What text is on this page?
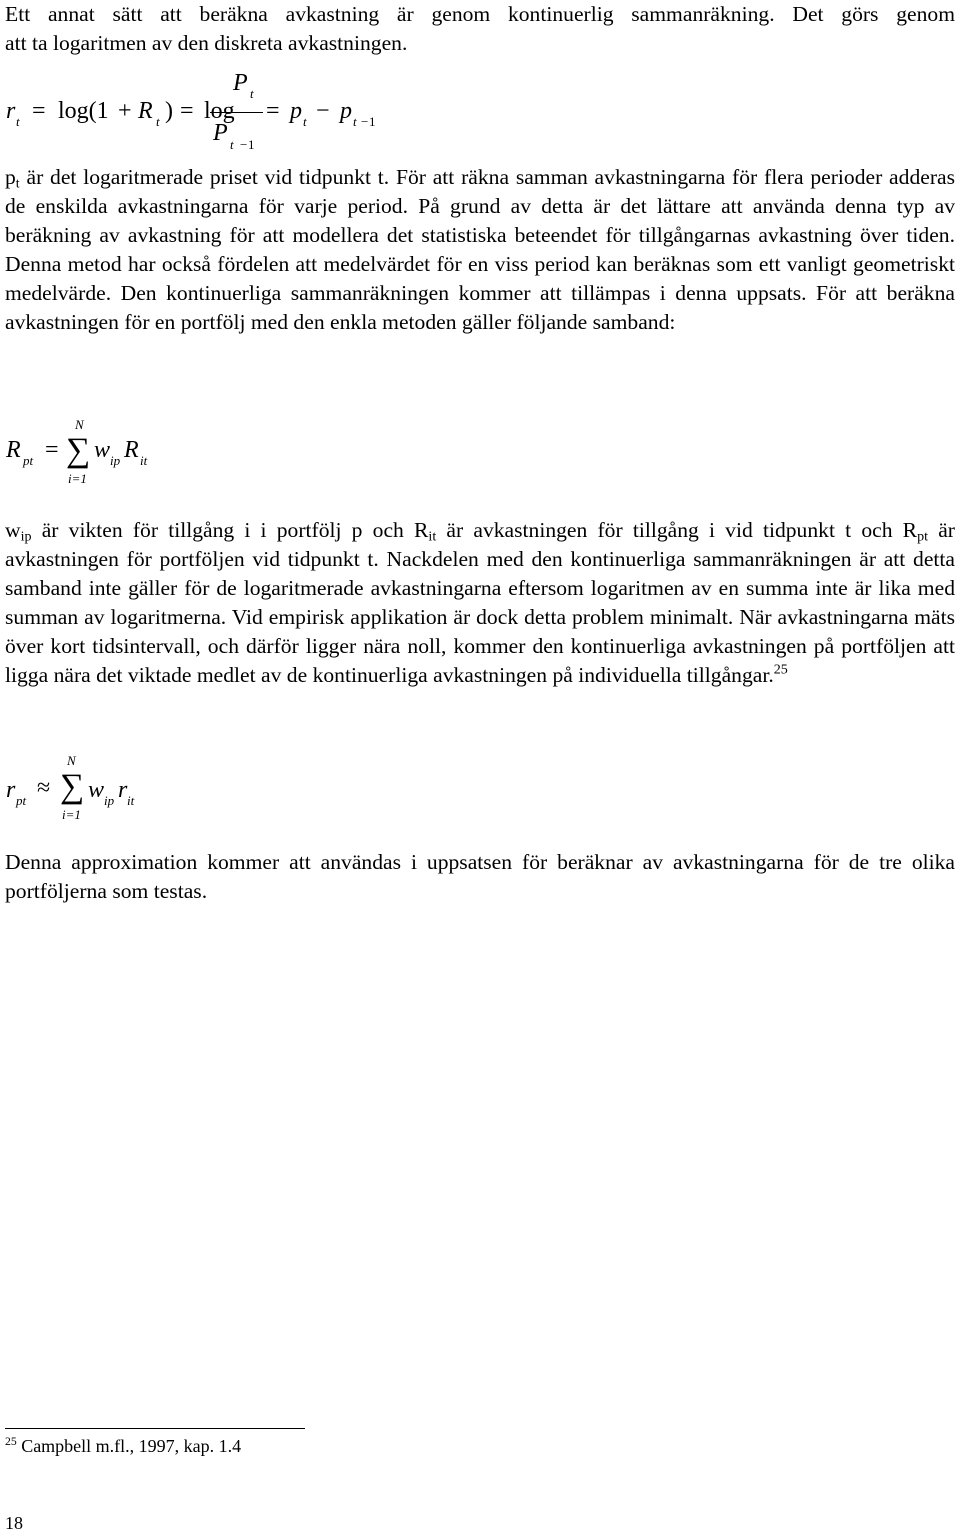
Ett annat sätt att beräkna avkastning är genom kontinuerlig sammanräkning. Det görs genom

att ta logaritmen av den diskreta avkastningen.

r t = log(1 + R t ) = log
P t
P t − 1
= p t − p t − 1

$p_t$ är det logaritmerade priset vid tidpunkt t. För att räkna samman avkastningarna för flera perioder adderas de enskilda avkastningarna för varje period. På grund av detta är det lättare att använda denna typ av beräkning av avkastning för att modellera det statistiska beteendet för tillgångarnas avkastning över tiden. Denna metod har också fördelen att medelvärdet för en viss period kan beräknas som ett vanligt geometriskt medelvärde. Den kontinuerliga sammanräkningen kommer att tillämpas i denna uppsats. För att beräkna avkastningen för en portfölj med den enkla metoden gäller följande samband:

R pt =
N
∑
i=1
w ip R it

$w_{ip}$ är vikten för tillgång i i portfölj p och $R_{it}$ är avkastningen för tillgång i vid tidpunkt t och $R_{pt}$ är avkastningen för portföljen vid tidpunkt t. Nackdelen med den kontinuerliga sammanräkningen är att detta samband inte gäller för de logaritmerade avkastningarna eftersom logaritmen av en summa inte är lika med summan av logaritmerna. Vid empirisk applikation är dock detta problem minimalt. När avkastningarna mäts över kort tidsintervall, och därför ligger nära noll, kommer den kontinuerliga avkastningen på portföljen att ligga nära det viktade medlet av de kontinuerliga avkastningen på individuella tillgångar.$^{25}$

r pt ≈
N
∑
i=1
w ip r it

Denna approximation kommer att användas i uppsatsen för beräknar av avkastningarna för de tre olika portföljerna som testas.

$^{25}$ Campbell m.fl., 1997, kap. 1.4
18
